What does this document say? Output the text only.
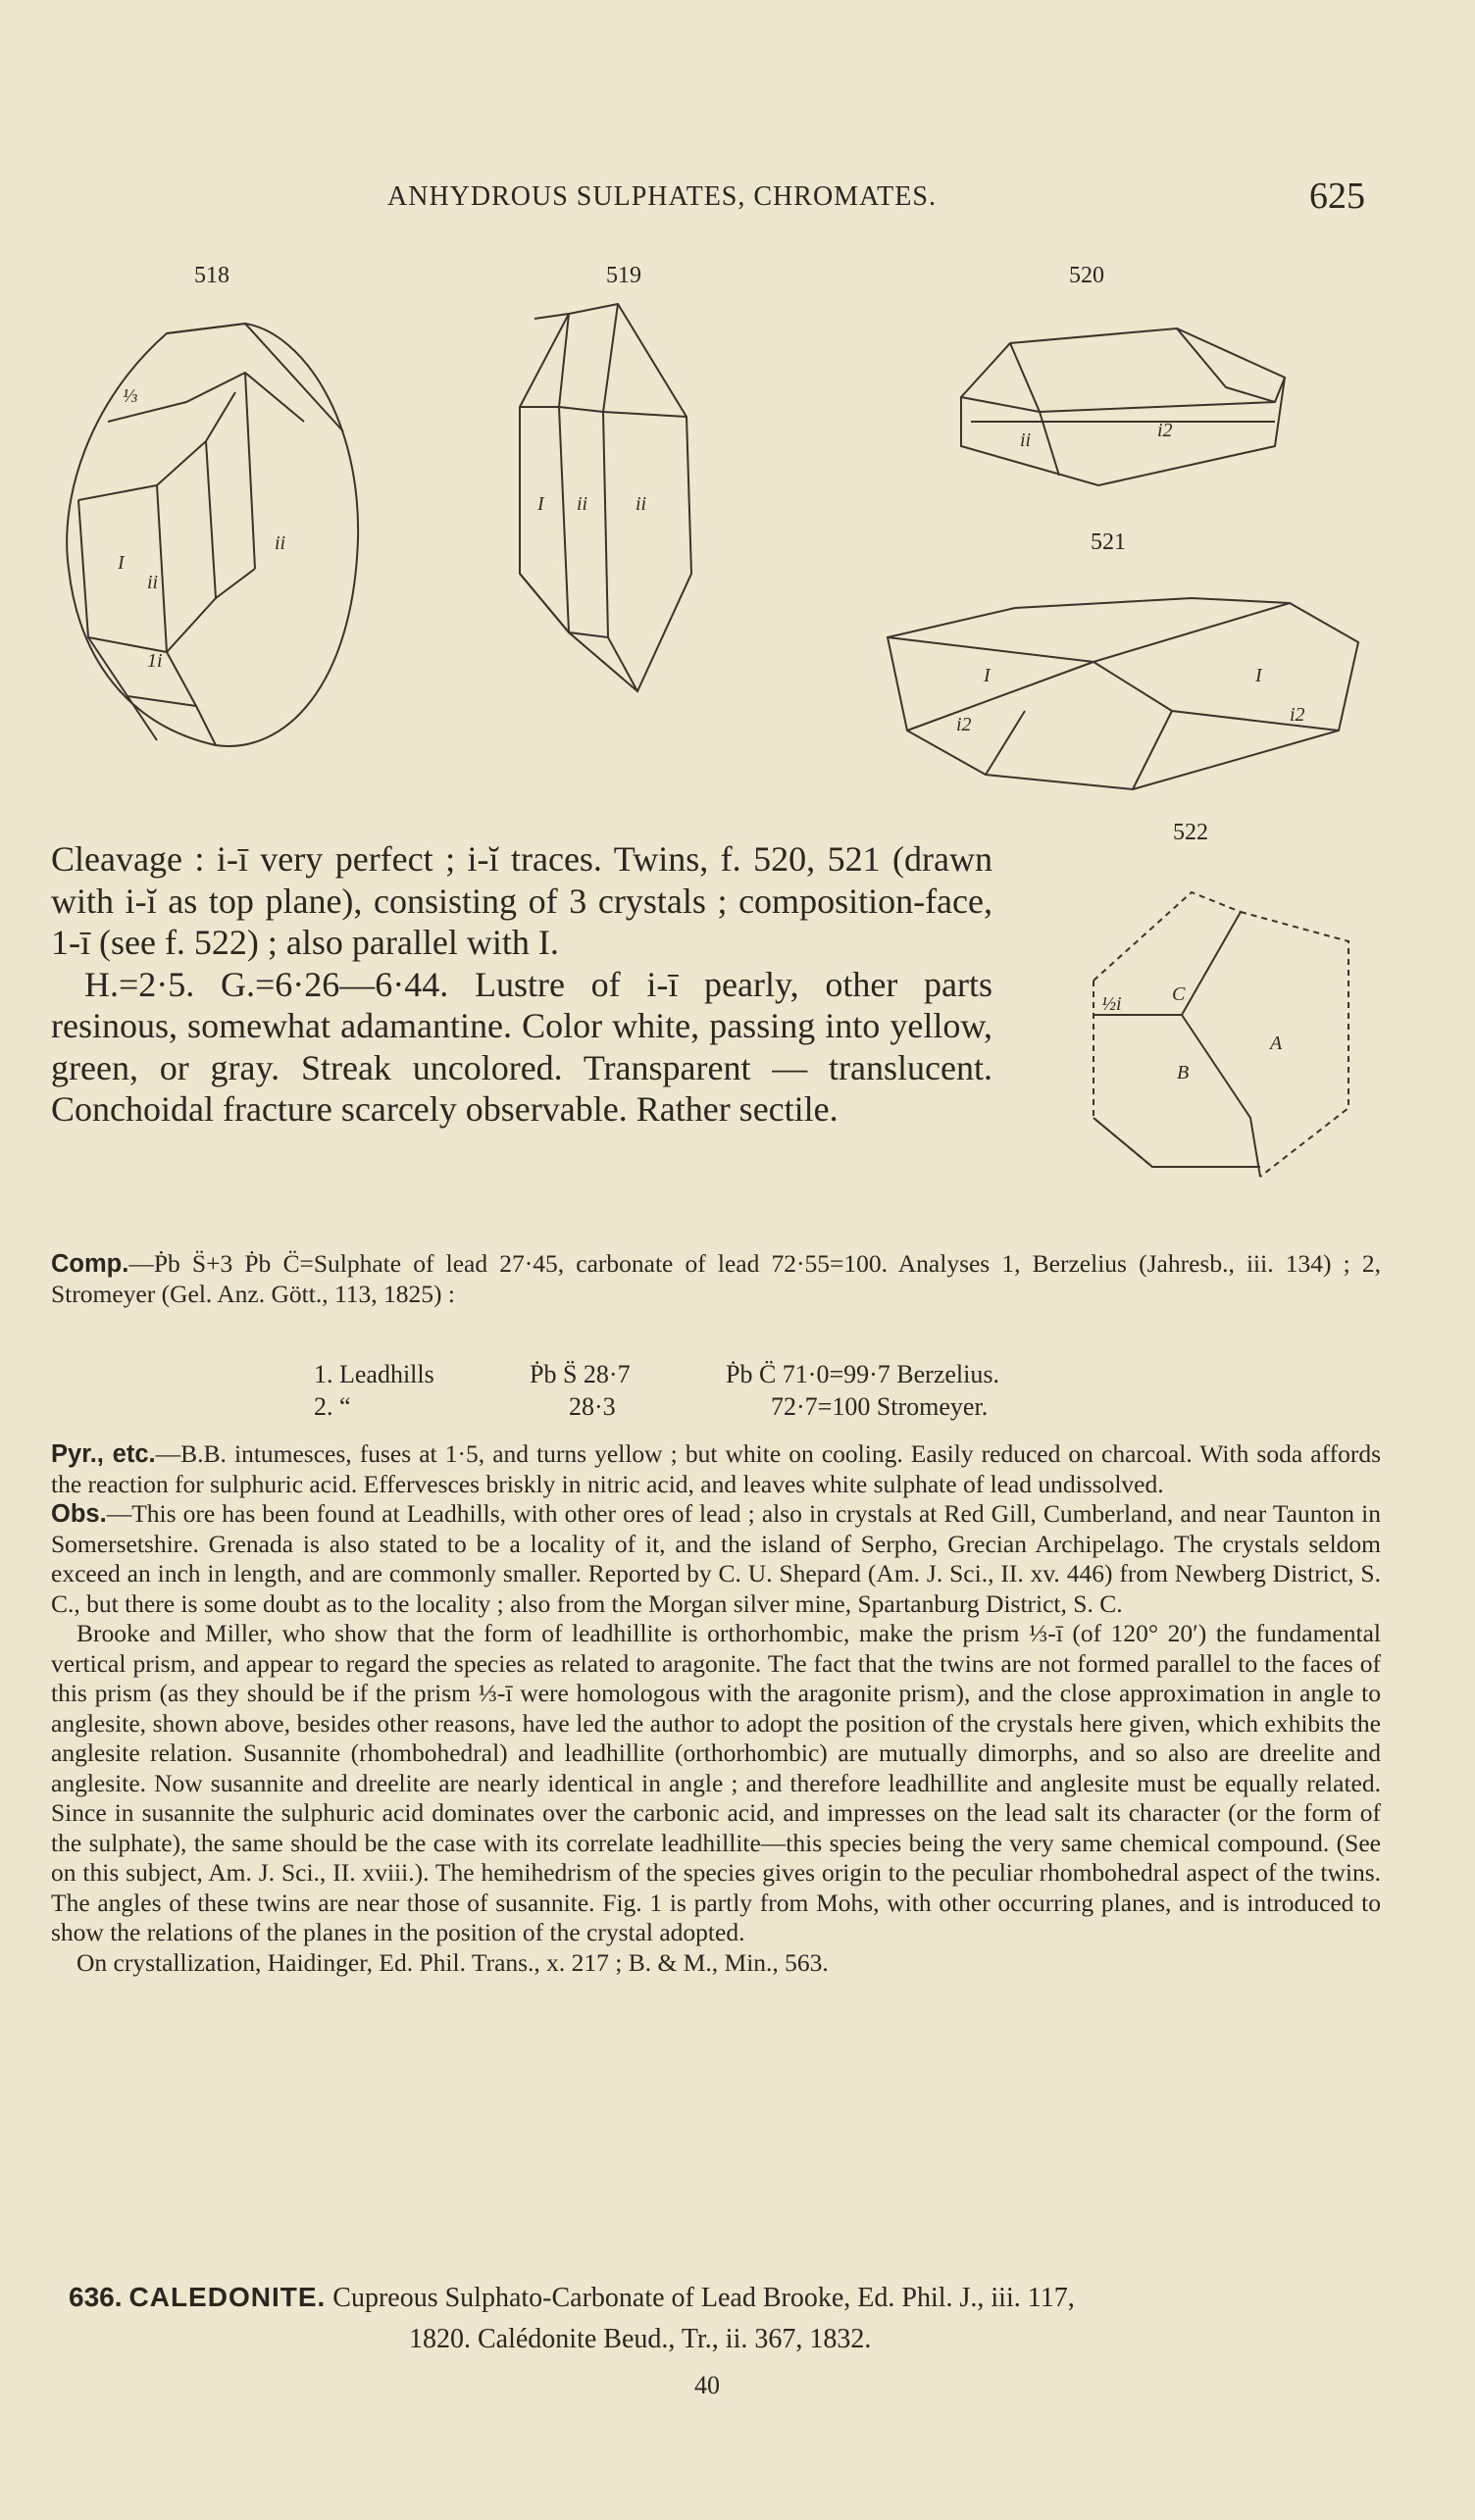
ANHYDROUS SULPHATES, CHROMATES.	625
518	519	520
521
522
I
ii
ii
1i
⅓
I ii ii
ii	i2
I	I
i2	i2
C
B
A
½i

Cleavage : i-ī very perfect ; i-ĭ traces. Twins, f. 520, 521 (drawn with i-ĭ as top plane), consisting of 3 crystals ; composition-face, 1-ī (see f. 522) ; also parallel with I.

H.=2·5. G.=6·26—6·44. Lustre of i-ī pearly, other parts resinous, somewhat adamantine. Color white, passing into yellow, green, or gray. Streak uncolored. Transparent — translucent. Conchoidal fracture scarcely observable. Rather sectile.

Comp.—Ṗb S̈+3 Ṗb C̈=Sulphate of lead 27·45, carbonate of lead 72·55=100. Analyses 1, Berzelius (Jahresb., iii. 134) ; 2, Stromeyer (Gel. Anz. Gött., 113, 1825) :

1. Leadhills	Ṗb S̈ 28·7	Ṗb C̈ 71·0=99·7 Berzelius.
2. “	28·3	72·7=100 Stromeyer.

Pyr., etc.—B.B. intumesces, fuses at 1·5, and turns yellow ; but white on cooling. Easily reduced on charcoal. With soda affords the reaction for sulphuric acid. Effervesces briskly in nitric acid, and leaves white sulphate of lead undissolved.

Obs.—This ore has been found at Leadhills, with other ores of lead ; also in crystals at Red Gill, Cumberland, and near Taunton in Somersetshire. Grenada is also stated to be a locality of it, and the island of Serpho, Grecian Archipelago. The crystals seldom exceed an inch in length, and are commonly smaller. Reported by C. U. Shepard (Am. J. Sci., II. xv. 446) from Newberg District, S. C., but there is some doubt as to the locality ; also from the Morgan silver mine, Spartanburg District, S. C.

Brooke and Miller, who show that the form of leadhillite is orthorhombic, make the prism ⅓-ī (of 120° 20′) the fundamental vertical prism, and appear to regard the species as related to aragonite. The fact that the twins are not formed parallel to the faces of this prism (as they should be if the prism ⅓-ī were homologous with the aragonite prism), and the close approximation in angle to anglesite, shown above, besides other reasons, have led the author to adopt the position of the crystals here given, which exhibits the anglesite relation. Susannite (rhombohedral) and leadhillite (orthorhombic) are mutually dimorphs, and so also are dreelite and anglesite. Now susannite and dreelite are nearly identical in angle ; and therefore leadhillite and anglesite must be equally related. Since in susannite the sulphuric acid dominates over the carbonic acid, and impresses on the lead salt its character (or the form of the sulphate), the same should be the case with its correlate leadhillite—this species being the very same chemical compound. (See on this subject, Am. J. Sci., II. xviii.). The hemihedrism of the species gives origin to the peculiar rhombohedral aspect of the twins. The angles of these twins are near those of susannite. Fig. 1 is partly from Mohs, with other occurring planes, and is introduced to show the relations of the planes in the position of the crystal adopted.

On crystallization, Haidinger, Ed. Phil. Trans., x. 217 ; B. & M., Min., 563.

636. CALEDONITE. Cupreous Sulphato-Carbonate of Lead Brooke, Ed. Phil. J., iii. 117,
1820. Calédonite Beud., Tr., ii. 367, 1832.
40
